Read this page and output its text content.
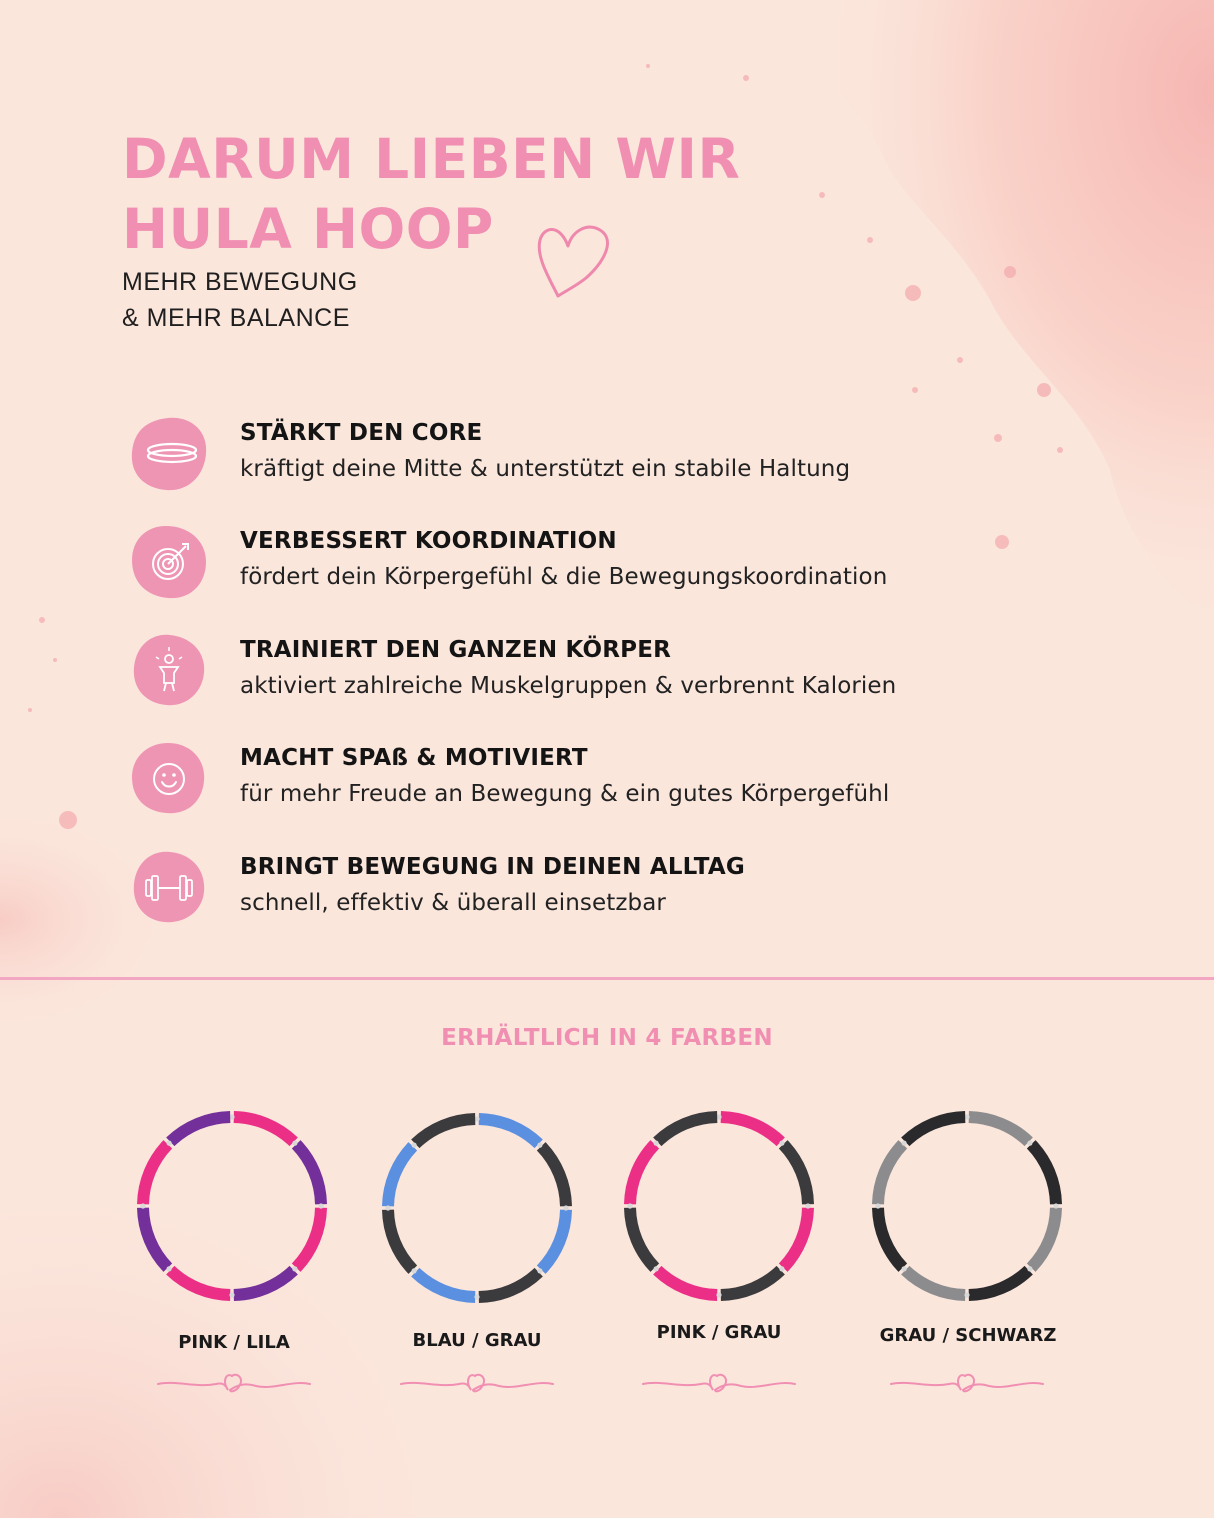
DARUM LIEBEN WIR
HULA HOOP
MEHR BEWEGUNG
& MEHR BALANCE
STÄRKT DEN CORE
kräftigt deine Mitte & unterstützt ein stabile Haltung
VERBESSERT KOORDINATION
fördert dein Körpergefühl & die Bewegungskoordination
TRAINIERT DEN GANZEN KÖRPER
aktiviert zahlreiche Muskelgruppen & verbrennt Kalorien
MACHT SPAß & MOTIVIERT
für mehr Freude an Bewegung & ein gutes Körpergefühl
BRINGT BEWEGUNG IN DEINEN ALLTAG
schnell, effektiv & überall einsetzbar
ERHÄLTLICH IN 4 FARBEN
PINK / LILA	BLAU / GRAU	PINK / GRAU	GRAU / SCHWARZ
